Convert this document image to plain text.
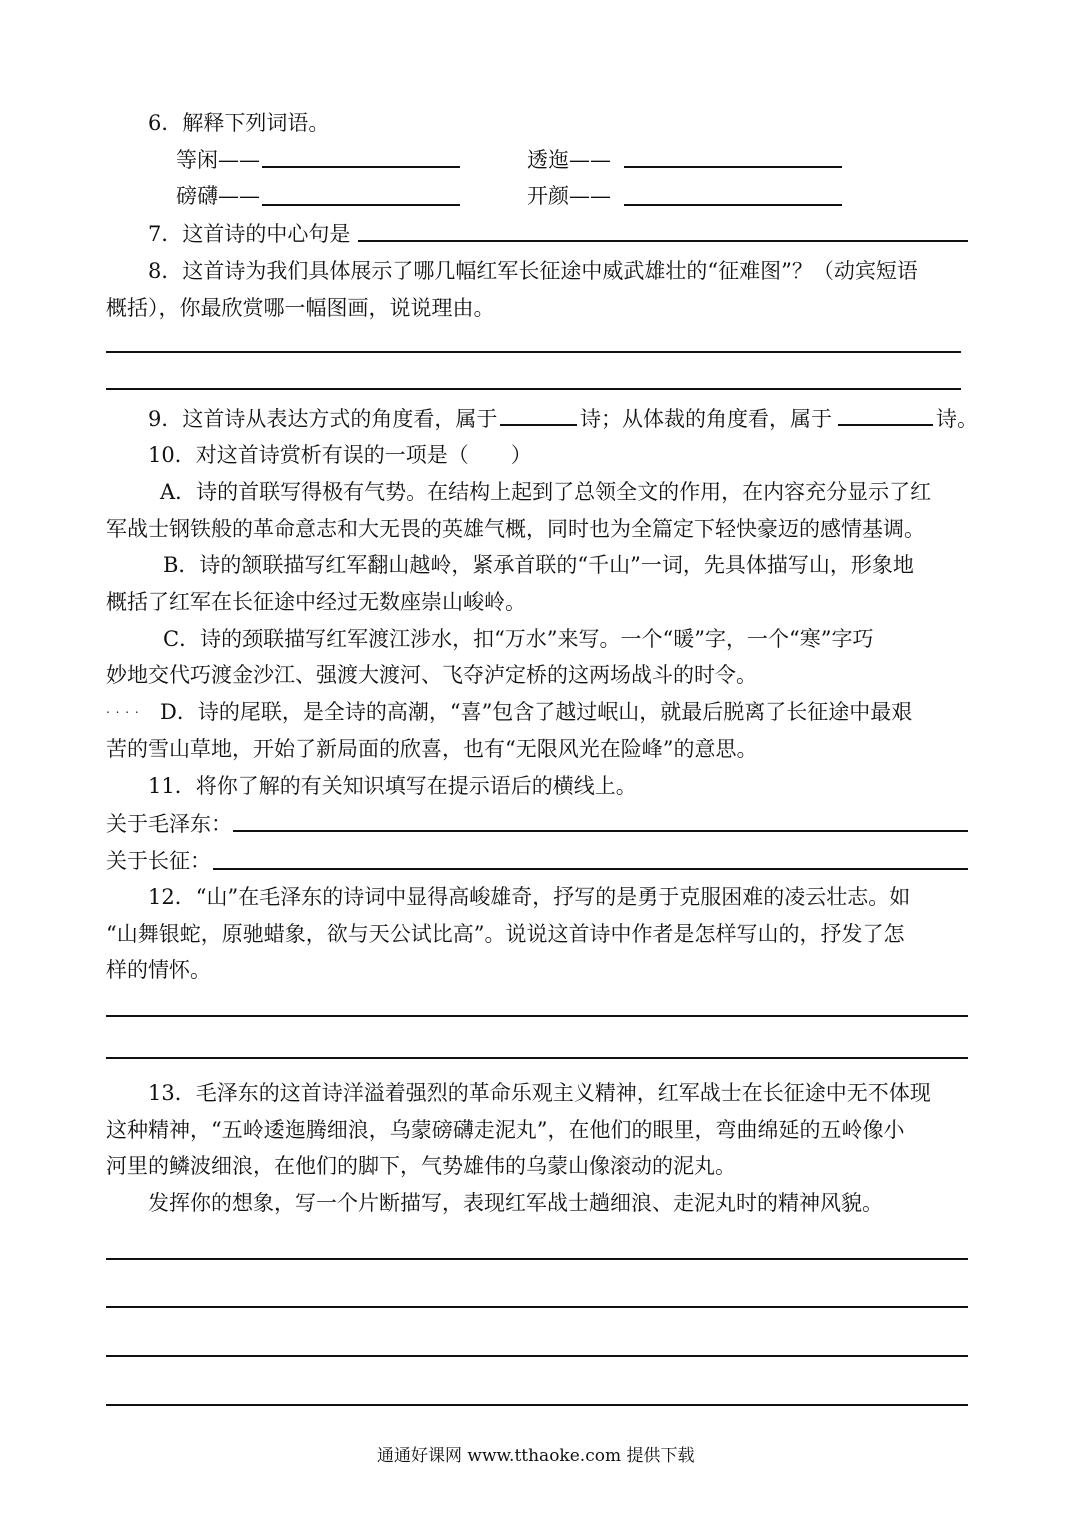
6．解释下列词语。
等闲——	透迤——
磅礴——	开颜——
7．这首诗的中心句是
8．这首诗为我们具体展示了哪几幅红军长征途中威武雄壮的“征难图”？（动宾短语
概括），你最欣赏哪一幅图画，说说理由。
9．这首诗从表达方式的角度看，属于	诗；从体裁的角度看，属于	诗。
10．对这首诗赏析有误的一项是（　　）
A．诗的首联写得极有气势。在结构上起到了总领全文的作用，在内容充分显示了红
军战士钢铁般的革命意志和大无畏的英雄气概，同时也为全篇定下轻快豪迈的感情基调。
B．诗的颔联描写红军翻山越岭，紧承首联的“千山”一词，先具体描写山，形象地
概括了红军在长征途中经过无数座崇山峻岭。
C．诗的颈联描写红军渡江涉水，扣“万水”来写。一个“暖”字，一个“寒”字巧
妙地交代巧渡金沙江、强渡大渡河、飞夺泸定桥的这两场战斗的时令。
. . . . D．诗的尾联，是全诗的高潮，“喜”包含了越过岷山，就最后脱离了长征途中最艰
苦的雪山草地，开始了新局面的欣喜，也有“无限风光在险峰”的意思。
11．将你了解的有关知识填写在提示语后的横线上。
关于毛泽东：
关于长征：
12．“山”在毛泽东的诗词中显得高峻雄奇，抒写的是勇于克服困难的凌云壮志。如
“山舞银蛇，原驰蜡象，欲与天公试比高”。说说这首诗中作者是怎样写山的，抒发了怎
样的情怀。
13．毛泽东的这首诗洋溢着强烈的革命乐观主义精神，红军战士在长征途中无不体现
这种精神，“五岭逶迤腾细浪，乌蒙磅礴走泥丸”，在他们的眼里，弯曲绵延的五岭像小
河里的鳞波细浪，在他们的脚下，气势雄伟的乌蒙山像滚动的泥丸。
发挥你的想象，写一个片断描写，表现红军战士趟细浪、走泥丸时的精神风貌。
通通好课网 www.tthaoke.com 提供下载
